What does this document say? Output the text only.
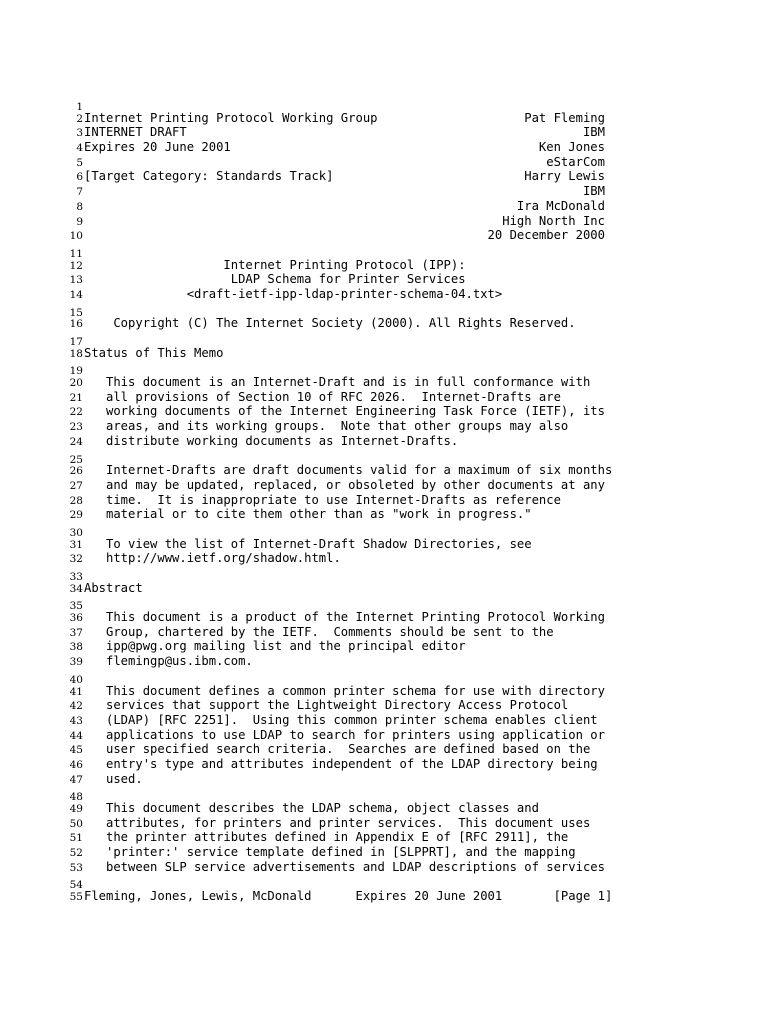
1
2 Internet Printing Protocol Working Group                    Pat Fleming
3 INTERNET DRAFT                                                      IBM
4 Expires 20 June 2001                                          Ken Jones
5 eStarCom
6 [Target Category: Standards Track]                          Harry Lewis
7 IBM
8 Ira McDonald
9 High North Inc
10 20 December 2000
11
12 Internet Printing Protocol (IPP):
13 LDAP Schema for Printer Services
14 <draft-ietf-ipp-ldap-printer-schema-04.txt>
15
16 Copyright (C) The Internet Society (2000). All Rights Reserved.
17
18 Status of This Memo
19
20 This document is an Internet-Draft and is in full conformance with
21 all provisions of Section 10 of RFC 2026.  Internet-Drafts are
22 working documents of the Internet Engineering Task Force (IETF), its
23 areas, and its working groups.  Note that other groups may also
24 distribute working documents as Internet-Drafts.
25
26 Internet-Drafts are draft documents valid for a maximum of six months
27 and may be updated, replaced, or obsoleted by other documents at any
28 time.  It is inappropriate to use Internet-Drafts as reference
29 material or to cite them other than as "work in progress."
30
31 To view the list of Internet-Draft Shadow Directories, see
32 http://www.ietf.org/shadow.html.
33
34 Abstract
35
36 This document is a product of the Internet Printing Protocol Working
37 Group, chartered by the IETF.  Comments should be sent to the
38 ipp@pwg.org mailing list and the principal editor
39 flemingp@us.ibm.com.
40
41 This document defines a common printer schema for use with directory
42 services that support the Lightweight Directory Access Protocol
43 (LDAP) [RFC 2251].  Using this common printer schema enables client
44 applications to use LDAP to search for printers using application or
45 user specified search criteria.  Searches are defined based on the
46 entry's type and attributes independent of the LDAP directory being
47 used.
48
49 This document describes the LDAP schema, object classes and
50 attributes, for printers and printer services.  This document uses
51 the printer attributes defined in Appendix E of [RFC 2911], the
52 'printer:' service template defined in [SLPPRT], and the mapping
53 between SLP service advertisements and LDAP descriptions of services
54
55 Fleming, Jones, Lewis, McDonald      Expires 20 June 2001       [Page 1]
